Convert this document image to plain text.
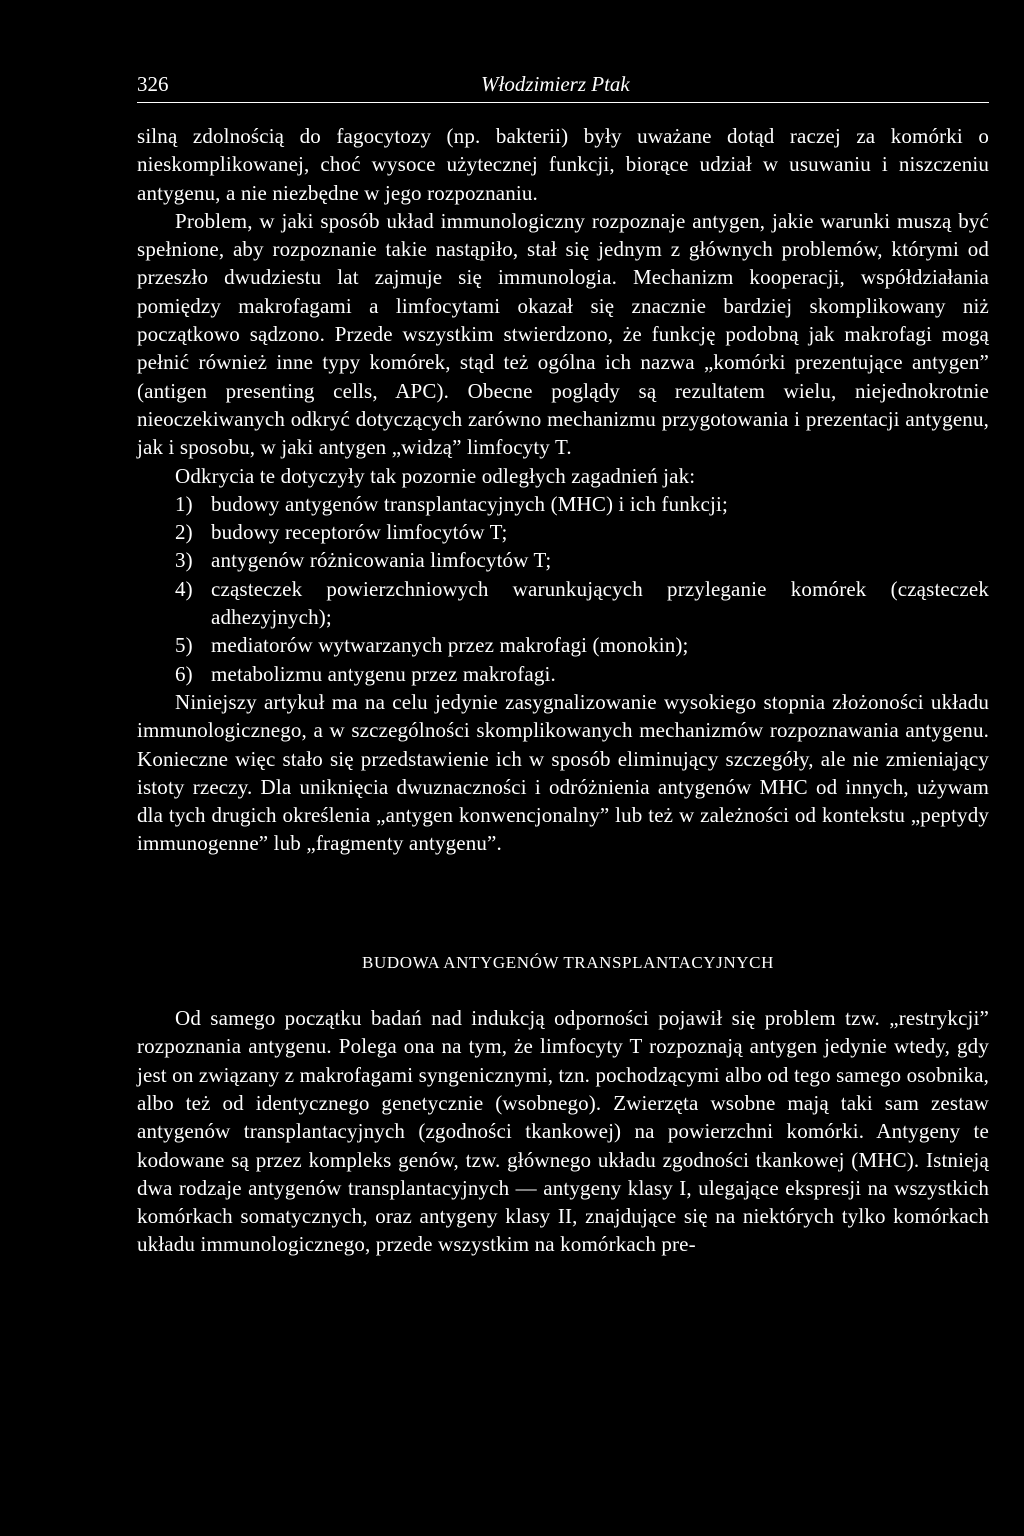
326	Włodzimierz Ptak

silną zdolnością do fagocytozy (np. bakterii) były uważane dotąd raczej za komórki o nieskomplikowanej, choć wysoce użytecznej funkcji, biorące udział w usuwaniu i niszczeniu antygenu, a nie niezbędne w jego rozpoznaniu.

Problem, w jaki sposób układ immunologiczny rozpoznaje antygen, jakie warunki muszą być spełnione, aby rozpoznanie takie nastąpiło, stał się jednym z głównych problemów, którymi od przeszło dwudziestu lat zajmuje się immunologia. Mechanizm kooperacji, współdziałania pomiędzy makrofagami a limfocytami okazał się znacznie bardziej skomplikowany niż początkowo sądzono. Przede wszystkim stwierdzono, że funkcję podobną jak makrofagi mogą pełnić również inne typy komórek, stąd też ogólna ich nazwa „komórki prezentujące antygen” (antigen presenting cells, APC). Obecne poglądy są rezultatem wielu, niejednokrotnie nieoczekiwanych odkryć dotyczących zarówno mechanizmu przygotowania i prezentacji antygenu, jak i sposobu, w jaki antygen „widzą” limfocyty T.

Odkrycia te dotyczyły tak pozornie odległych zagadnień jak:

1) budowy antygenów transplantacyjnych (MHC) i ich funkcji;
2) budowy receptorów limfocytów T;
3) antygenów różnicowania limfocytów T;
4) cząsteczek powierzchniowych warunkujących przyleganie komórek (cząsteczek adhezyjnych);
5) mediatorów wytwarzanych przez makrofagi (monokin);
6) metabolizmu antygenu przez makrofagi.

Niniejszy artykuł ma na celu jedynie zasygnalizowanie wysokiego stopnia złożoności układu immunologicznego, a w szczególności skomplikowanych mechanizmów rozpoznawania antygenu. Konieczne więc stało się przedstawienie ich w sposób eliminujący szczegóły, ale nie zmieniający istoty rzeczy. Dla uniknięcia dwuznaczności i odróżnienia antygenów MHC od innych, używam dla tych drugich określenia „antygen konwencjonalny” lub też w zależności od kontekstu „peptydy immunogenne” lub „fragmenty antygenu”.

BUDOWA ANTYGENÓW TRANSPLANTACYJNYCH

Od samego początku badań nad indukcją odporności pojawił się problem tzw. „restrykcji” rozpoznania antygenu. Polega ona na tym, że limfocyty T rozpoznają antygen jedynie wtedy, gdy jest on związany z makrofagami syngenicznymi, tzn. pochodzącymi albo od tego samego osobnika, albo też od identycznego genetycznie (wsobnego). Zwierzęta wsobne mają taki sam zestaw antygenów transplantacyjnych (zgodności tkankowej) na powierzchni komórki. Antygeny te kodowane są przez kompleks genów, tzw. głównego układu zgodności tkankowej (MHC). Istnieją dwa rodzaje antygenów transplantacyjnych — antygeny klasy I, ulegające ekspresji na wszystkich komórkach somatycznych, oraz antygeny klasy II, znajdujące się na niektórych tylko komórkach układu immunologicznego, przede wszystkim na komórkach pre-
